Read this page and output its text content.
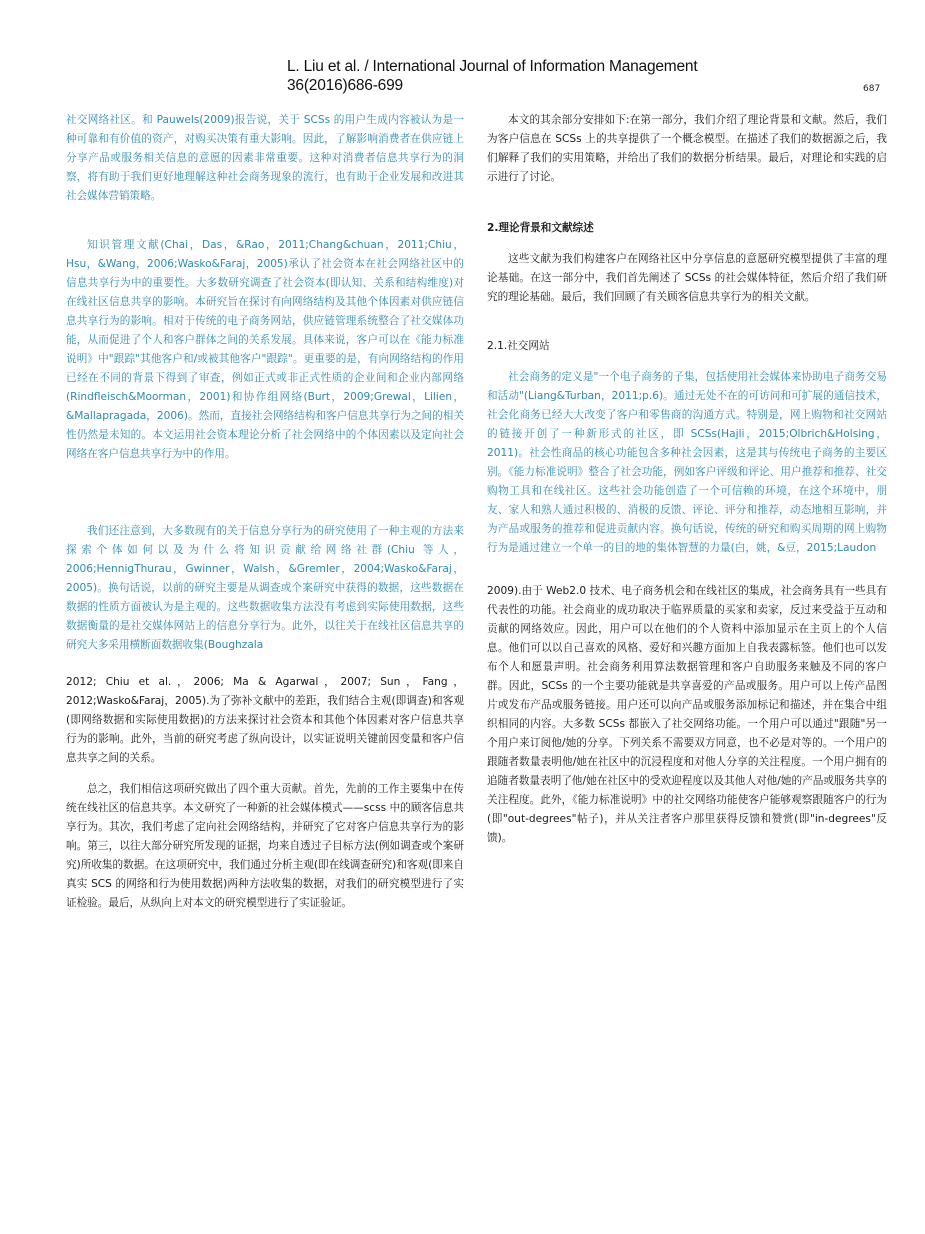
L. Liu et al. / International Journal of Information Management
36(2016)686-699	687

社交网络社区。和 Pauwels(2009)报告说，关于 SCSs 的用户生成内容被认为是一种可靠和有价值的资产，对购买决策有重大影响。因此，了解影响消费者在供应链上分享产品或服务相关信息的意愿的因素非常重要。这种对消费者信息共享行为的洞察，将有助于我们更好地理解这种社会商务现象的流行，也有助于企业发展和改进其社会媒体营销策略。

知识管理文献(Chai，Das，&Rao，2011;Chang&chuan，2011;Chiu，Hsu，&Wang，2006;Wasko&Faraj，2005)承认了社会资本在社会网络社区中的信息共享行为中的重要性。大多数研究调查了社会资本(即认知、关系和结构维度)对在线社区信息共享的影响。本研究旨在探讨有向网络结构及其他个体因素对供应链信息共享行为的影响。相对于传统的电子商务网站，供应链管理系统整合了社交媒体功能，从而促进了个人和客户群体之间的关系发展。具体来说，客户可以在《能力标准说明》中"跟踪"其他客户和/或被其他客户"跟踪"。更重要的是，有向网络结构的作用已经在不同的背景下得到了审查，例如正式或非正式性质的企业间和企业内部网络(Rindfleisch&Moorman，2001)和协作组网络(Burt，2009;Grewal，Lilien，&Mallapragada，2006)。然而，直接社会网络结构和客户信息共享行为之间的相关性仍然是未知的。本文运用社会资本理论分析了社会网络中的个体因素以及定向社会网络在客户信息共享行为中的作用。

我们还注意到，大多数现有的关于信息分享行为的研究使用了一种主观的方法来探索个体如何以及为什么将知识贡献给网络社群(Chiu 等人，2006;HennigThurau，Gwinner，Walsh，&Gremler，2004;Wasko&Faraj，2005)。换句话说，以前的研究主要是从调查或个案研究中获得的数据，这些数据在数据的性质方面被认为是主观的。这些数据收集方法没有考虑到实际使用数据，这些数据衡量的是社交媒体网站上的信息分享行为。此外，以往关于在线社区信息共享的研究大多采用横断面数据收集(Boughzala

2012; Chiu et al.，2006; Ma & Agarwal，2007; Sun，Fang，2012;Wasko&Faraj，2005).为了弥补文献中的差距，我们结合主观(即调查)和客观(即网络数据和实际使用数据)的方法来探讨社会资本和其他个体因素对客户信息共享行为的影响。此外，当前的研究考虑了纵向设计，以实证说明关键前因变量和客户信息共享之间的关系。

总之，我们相信这项研究做出了四个重大贡献。首先，先前的工作主要集中在传统在线社区的信息共享。本文研究了一种新的社会媒体模式——scss 中的顾客信息共享行为。其次，我们考虑了定向社会网络结构，并研究了它对客户信息共享行为的影响。第三，以往大部分研究所发现的证据，均来自透过子目标方法(例如调查或个案研究)所收集的数据。在这项研究中，我们通过分析主观(即在线调查研究)和客观(即来自真实 SCS 的网络和行为使用数据)两种方法收集的数据，对我们的研究模型进行了实证检验。最后，从纵向上对本文的研究模型进行了实证验证。

本文的其余部分安排如下:在第一部分，我们介绍了理论背景和文献。然后，我们为客户信息在 SCSs 上的共享提供了一个概念模型。在描述了我们的数据源之后，我们解释了我们的实用策略，并给出了我们的数据分析结果。最后，对理论和实践的启示进行了讨论。

2.理论背景和文献综述

这些文献为我们构建客户在网络社区中分享信息的意愿研究模型提供了丰富的理论基础。在这一部分中，我们首先阐述了 SCSs 的社会媒体特征，然后介绍了我们研究的理论基础。最后，我们回顾了有关顾客信息共享行为的相关文献。

2.1.社交网站

社会商务的定义是"一个电子商务的子集，包括使用社会媒体来协助电子商务交易和活动"(Liang&Turban，2011;p.6)。通过无处不在的可访问和可扩展的通信技术，社会化商务已经大大改变了客户和零售商的沟通方式。特别是，网上购物和社交网站的链接开创了一种新形式的社区，即 SCSs(Hajli，2015;Olbrich&Holsing，2011)。社会性商品的核心功能包含多种社会因素，这是其与传统电子商务的主要区别。《能力标准说明》整合了社会功能，例如客户评级和评论、用户推荐和推荐、社交购物工具和在线社区。这些社会功能创造了一个可信赖的环境，在这个环境中，朋友、家人和熟人通过积极的、消极的反馈、评论、评分和推荐，动态地相互影响，并为产品或服务的推荐和促进贡献内容。换句话说，传统的研究和购买周期的网上购物行为是通过建立一个单一的目的地的集体智慧的力量(白，姚，&豆，2015;Laudon

2009).由于 Web2.0 技术、电子商务机会和在线社区的集成，社会商务具有一些具有代表性的功能。社会商业的成功取决于临界质量的买家和卖家，反过来受益于互动和贡献的网络效应。因此，用户可以在他们的个人资料中添加显示在主页上的个人信息。他们可以以自己喜欢的风格、爱好和兴趣方面加上自我表露标签。他们也可以发布个人和愿景声明。社会商务利用算法数据管理和客户自助服务来触及不同的客户群。因此，SCSs 的一个主要功能就是共享喜爱的产品或服务。用户可以上传产品图片或发布产品或服务链接。用户还可以向产品或服务添加标记和描述，并在集合中组织相同的内容。大多数 SCSs 都嵌入了社交网络功能。一个用户可以通过"跟随"另一个用户来订阅他/她的分享。下列关系不需要双方同意，也不必是对等的。一个用户的跟随者数量表明他/她在社区中的沉浸程度和对他人分享的关注程度。一个用户拥有的追随者数量表明了他/她在社区中的受欢迎程度以及其他人对他/她的产品或服务共享的关注程度。此外，《能力标准说明》中的社交网络功能使客户能够观察跟随客户的行为(即"out-degrees"帖子)，并从关注者客户那里获得反馈和赞赏(即"in-degrees"反馈)。
